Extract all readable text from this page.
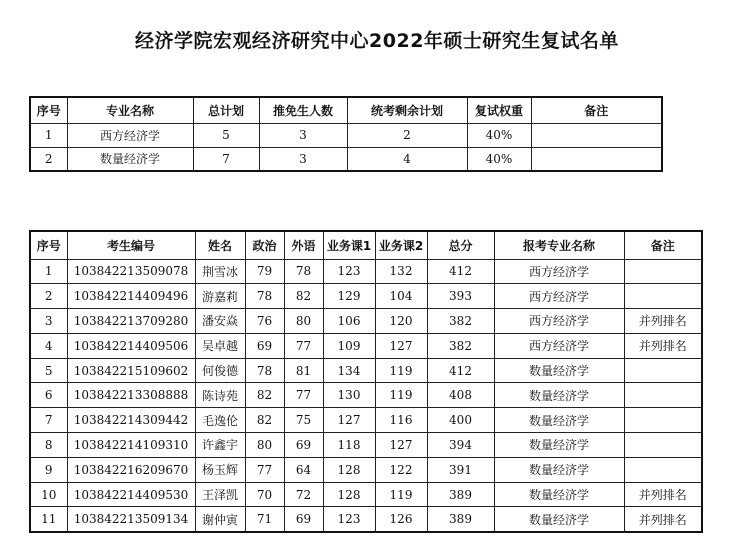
经济学院宏观经济研究中心2022年硕士研究生复试名单
序号	专业名称	总计划	推免生人数	统考剩余计划	复试权重	备注
1	西方经济学	5	3	2	40%	
2	数量经济学	7	3	4	40%	
序号	考生编号	姓名	政治	外语	业务课1	业务课2	总分	报考专业名称	备注
1	103842213509078	荆雪冰	79	78	123	132	412	西方经济学	
2	103842214409496	游嘉莉	78	82	129	104	393	西方经济学	
3	103842213709280	潘安焱	76	80	106	120	382	西方经济学	并列排名
4	103842214409506	吴卓越	69	77	109	127	382	西方经济学	并列排名
5	103842215109602	何俊德	78	81	134	119	412	数量经济学	
6	103842213308888	陈诗苑	82	77	130	119	408	数量经济学	
7	103842214309442	毛逸伦	82	75	127	116	400	数量经济学	
8	103842214109310	许鑫宇	80	69	118	127	394	数量经济学	
9	103842216209670	杨玉辉	77	64	128	122	391	数量经济学	
10	103842214409530	王泽凯	70	72	128	119	389	数量经济学	并列排名
11	103842213509134	谢仲寅	71	69	123	126	389	数量经济学	并列排名
